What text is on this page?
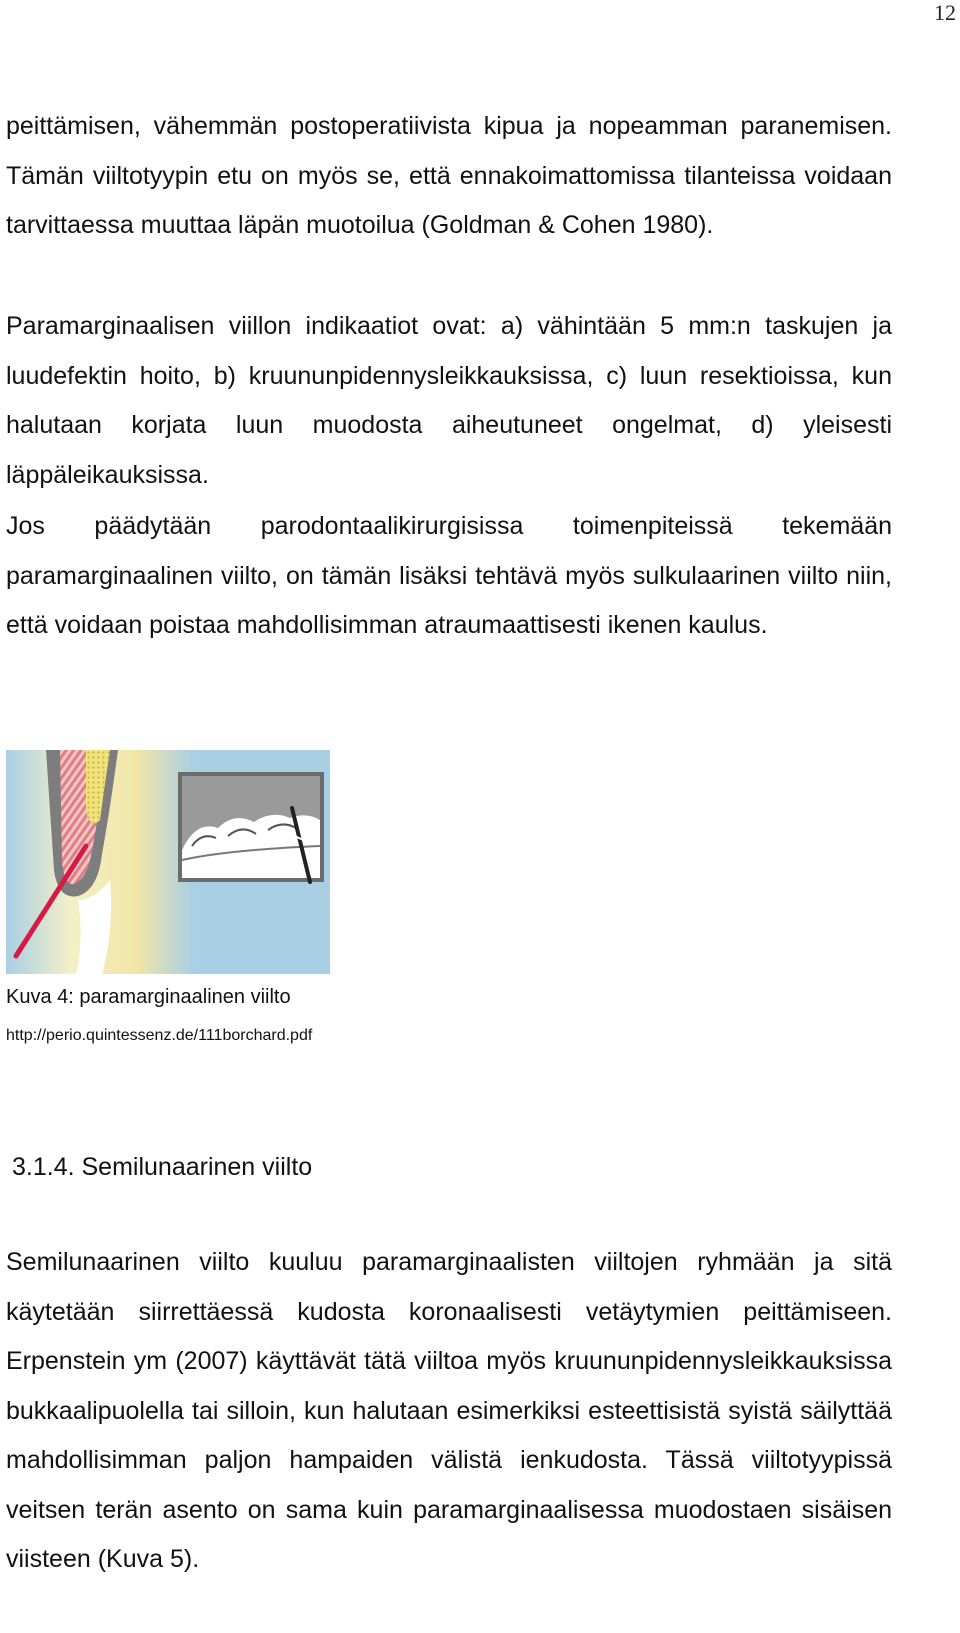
12

peittämisen, vähemmän postoperatiivista kipua ja nopeamman paranemisen. Tämän viiltotyypin etu on myös se, että ennakoimattomissa tilanteissa voidaan tarvittaessa muuttaa läpän muotoilua (Goldman & Cohen 1980).

Paramarginaalisen viillon indikaatiot ovat: a) vähintään 5 mm:n taskujen ja luudefektin hoito, b) kruununpidennysleikkauksissa, c) luun resektioissa, kun halutaan korjata luun muodosta aiheutuneet ongelmat, d) yleisesti läppäleikauksissa.

Jos päädytään parodontaalikirurgisissa toimenpiteissä tekemään paramarginaalinen viilto, on tämän lisäksi tehtävä myös sulkulaarinen viilto niin, että voidaan poistaa mahdollisimman atraumaattisesti ikenen kaulus.

Kuva 4: paramarginaalinen viilto
http://perio.quintessenz.de/111borchard.pdf
3.1.4. Semilunaarinen viilto

Semilunaarinen viilto kuuluu paramarginaalisten viiltojen ryhmään ja sitä käytetään siirrettäessä kudosta koronaalisesti vetäytymien peittämiseen. Erpenstein ym (2007) käyttävät tätä viiltoa myös kruununpidennysleikkauksissa bukkaalipuolella tai silloin, kun halutaan esimerkiksi esteettisistä syistä säilyttää mahdollisimman paljon hampaiden välistä ienkudosta. Tässä viiltotyypissä veitsen terän asento on sama kuin paramarginaalisessa muodostaen sisäisen viisteen (Kuva 5).
